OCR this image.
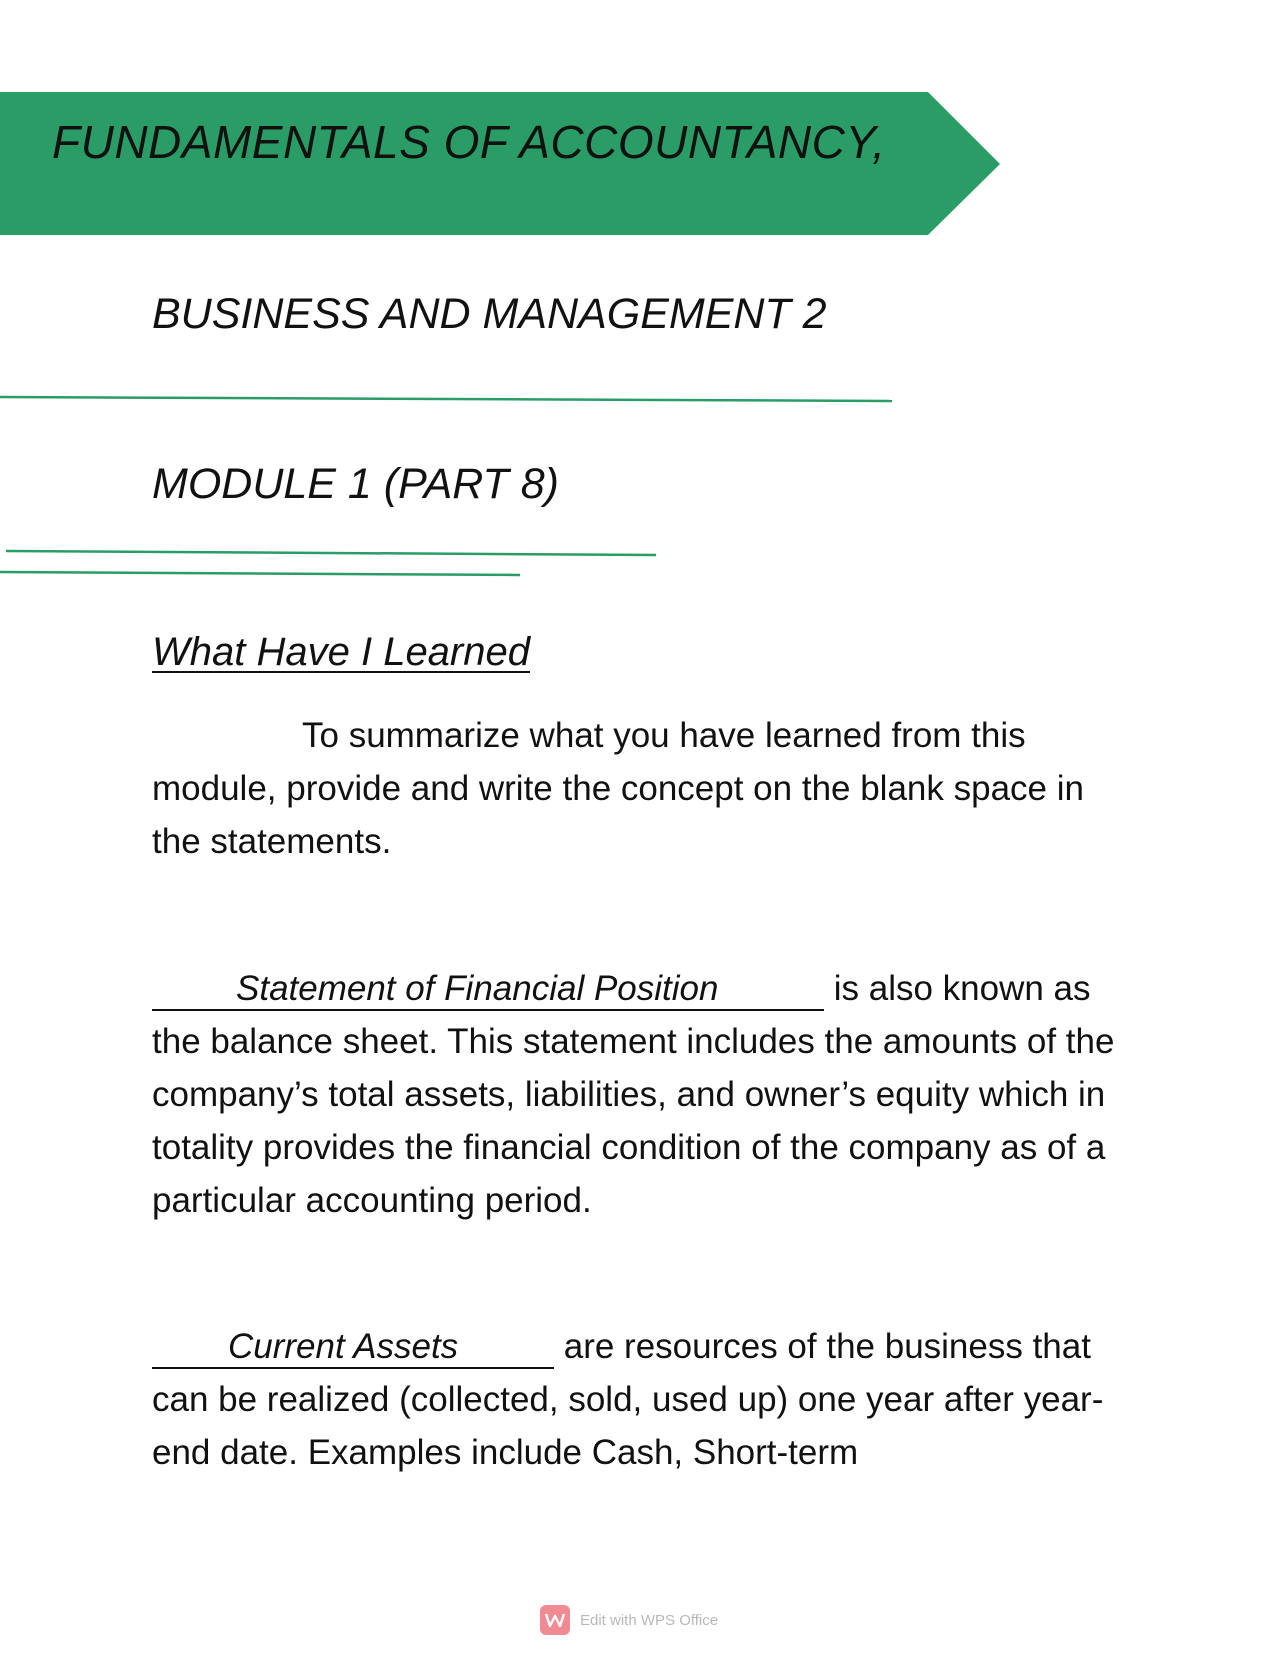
FUNDAMENTALS OF ACCOUNTANCY,
BUSINESS AND MANAGEMENT 2
MODULE 1 (PART 8)
What Have I Learned
To summarize what you have learned from this module, provide and write the concept on the blank space in the statements.
Statement of Financial Position	is also known as the balance sheet. This statement includes the amounts of the company’s total assets, liabilities, and owner’s equity which in totality provides the financial condition of the company as of a particular accounting period.
Current Assets	are resources of the business that can be realized (collected, sold, used up) one year after year-end date. Examples include Cash, Short-term
Edit with WPS Office
